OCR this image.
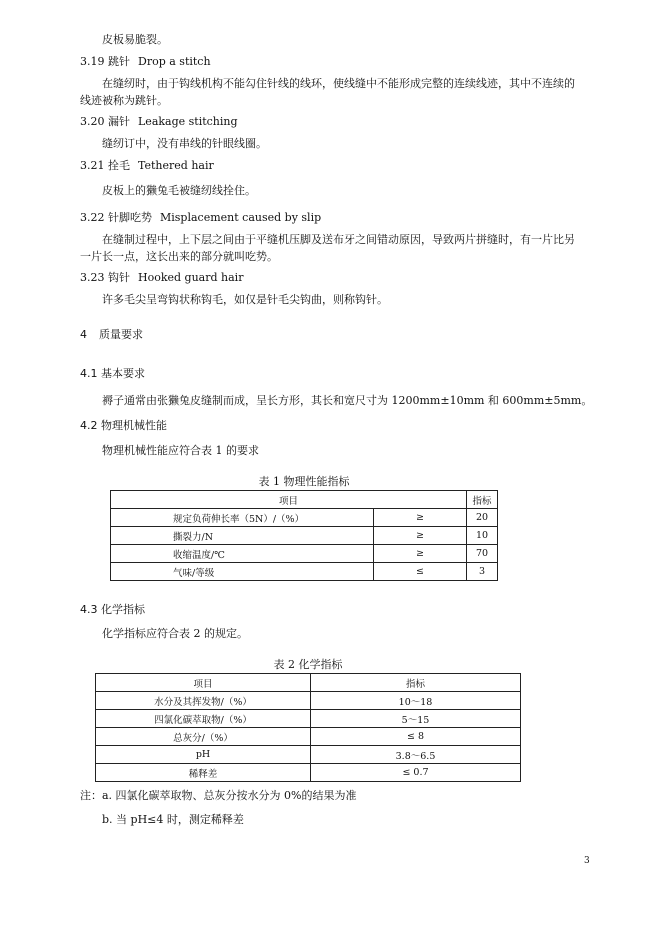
皮板易脆裂。
3.19 跳针 Drop a stitch
在缝纫时，由于钩线机构不能勾住针线的线环，使线缝中不能形成完整的连续线迹，其中不连续的
线迹被称为跳针。
3.20 漏针 Leakage stitching
缝纫订中，没有串线的针眼线圈。
3.21 拴毛 Tethered hair
皮板上的獭兔毛被缝纫线拴住。
3.22 针脚吃势 Misplacement caused by slip
在缝制过程中，上下层之间由于平缝机压脚及送布牙之间错动原因，导致两片拼缝时，有一片比另
一片长一点，这长出来的部分就叫吃势。
3.23 钩针 Hooked guard hair
许多毛尖呈弯钩状称钩毛，如仅是针毛尖钩曲，则称钩针。
4 质量要求
4.1 基本要求
褥子通常由张獭兔皮缝制而成，呈长方形，其长和宽尺寸为 1200mm±10mm 和 600mm±5mm。
4.2 物理机械性能
物理机械性能应符合表 1 的要求
表 1 物理性能指标
项目		指标
规定负荷伸长率（5N）/（%）	≥	20
撕裂力/N	≥	10
收缩温度/℃	≥	70
气味/等级	≤	3
4.3 化学指标
化学指标应符合表 2 的规定。
表 2 化学指标
项目	指标
水分及其挥发物/（%）	10～18
四氯化碳萃取物/（%）	5～15
总灰分/（%）	≤ 8
pH	3.8～6.5
稀释差	≤ 0.7
注：a. 四氯化碳萃取物、总灰分按水分为 0%的结果为准
b. 当 pH≤4 时，测定稀释差
3
